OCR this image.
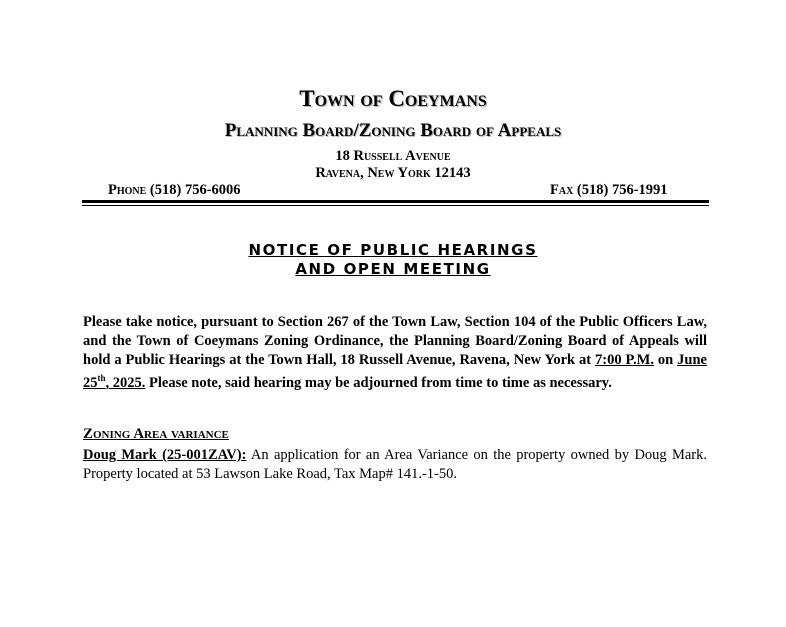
Town of Coeymans
Planning Board/Zoning Board of Appeals
18 Russell Avenue
Ravena, New York 12143
Phone (518) 756-6006	Fax (518) 756-1991
NOTICE OF PUBLIC HEARINGS
AND OPEN MEETING
Please take notice, pursuant to Section 267 of the Town Law, Section 104 of the Public Officers Law, and the Town of Coeymans Zoning Ordinance, the Planning Board/Zoning Board of Appeals will hold a Public Hearings at the Town Hall, 18 Russell Avenue, Ravena, New York at 7:00 P.M. on June 25th, 2025. Please note, said hearing may be adjourned from time to time as necessary.
Zoning Area variance
Doug Mark (25-001ZAV): An application for an Area Variance on the property owned by Doug Mark. Property located at 53 Lawson Lake Road, Tax Map# 141.-1-50.
